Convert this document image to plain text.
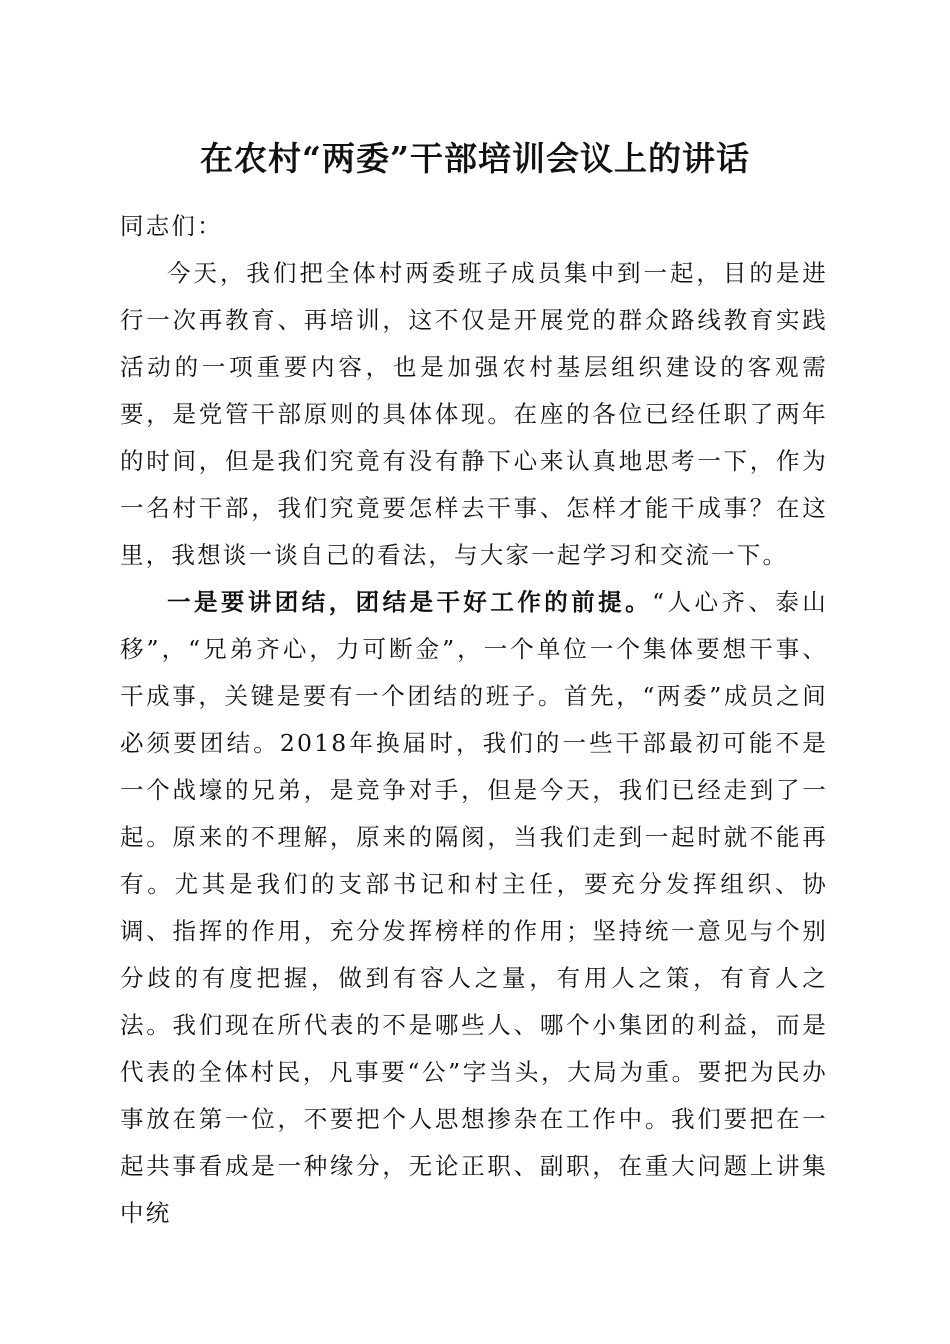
在农村“两委”干部培训会议上的讲话

同志们：

今天，我们把全体村两委班子成员集中到一起，目的是进行一次再教育、再培训，这不仅是开展党的群众路线教育实践活动的一项重要内容，也是加强农村基层组织建设的客观需要，是党管干部原则的具体体现。在座的各位已经任职了两年的时间，但是我们究竟有没有静下心来认真地思考一下，作为一名村干部，我们究竟要怎样去干事、怎样才能干成事？在这里，我想谈一谈自己的看法，与大家一起学习和交流一下。

一是要讲团结，团结是干好工作的前提。“人心齐、泰山移”，“兄弟齐心，力可断金”，一个单位一个集体要想干事、干成事，关键是要有一个团结的班子。首先，“两委”成员之间必须要团结。2018年换届时，我们的一些干部最初可能不是一个战壕的兄弟，是竞争对手，但是今天，我们已经走到了一起。原来的不理解，原来的隔阂，当我们走到一起时就不能再有。尤其是我们的支部书记和村主任，要充分发挥组织、协调、指挥的作用，充分发挥榜样的作用；坚持统一意见与个别分歧的有度把握，做到有容人之量，有用人之策，有育人之法。我们现在所代表的不是哪些人、哪个小集团的利益，而是代表的全体村民，凡事要“公”字当头，大局为重。要把为民办事放在第一位，不要把个人思想掺杂在工作中。我们要把在一起共事看成是一种缘分，无论正职、副职，在重大问题上讲集中统
